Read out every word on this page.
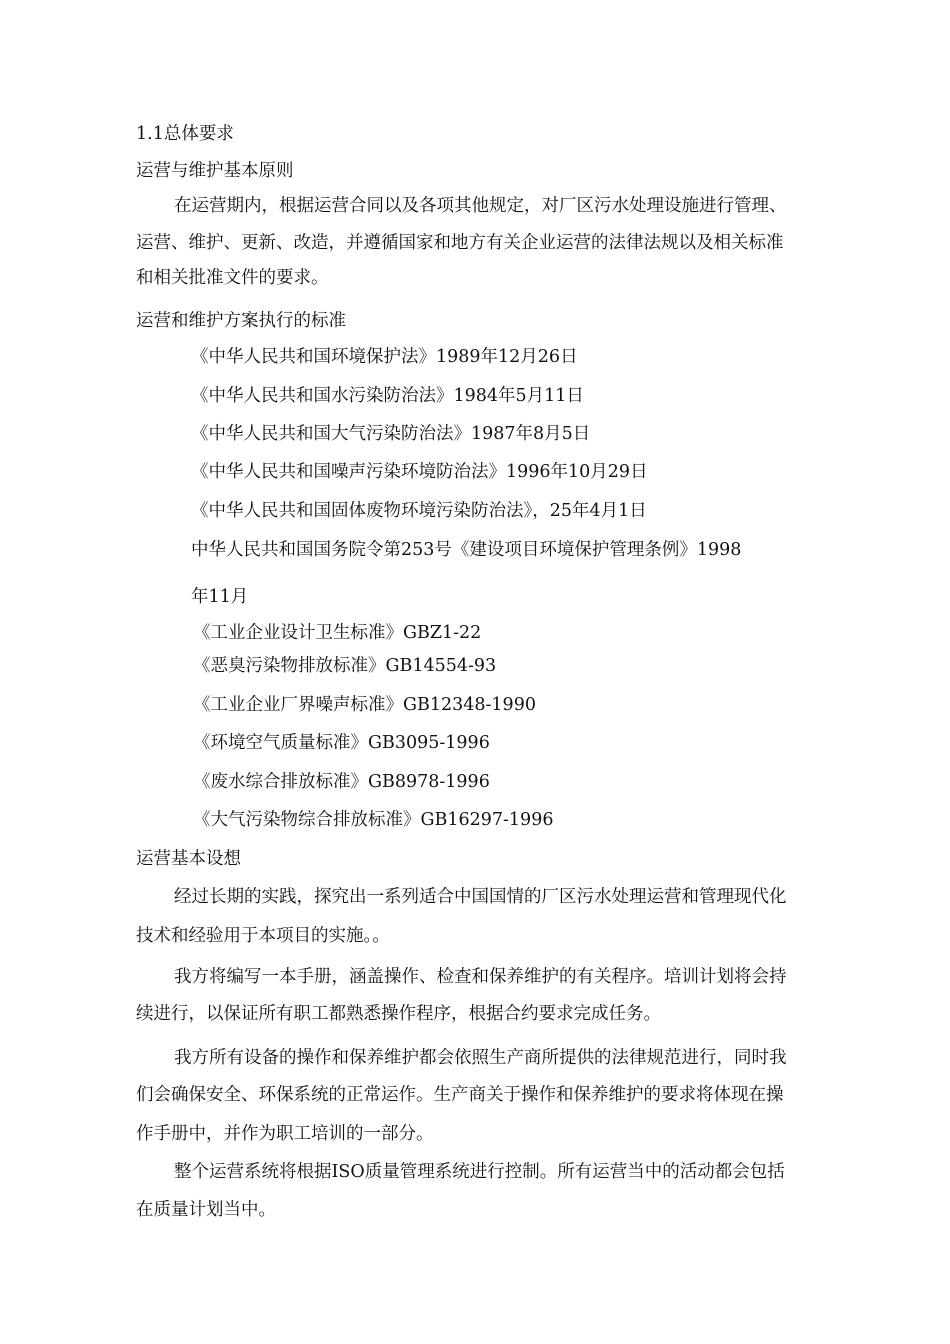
1.1总体要求
运营与维护基本原则
在运营期内，根据运营合同以及各项其他规定，对厂区污水处理设施进行管理、
运营、维护、更新、改造，并遵循国家和地方有关企业运营的法律法规以及相关标准
和相关批准文件的要求。
运营和维护方案执行的标准
《中华人民共和国环境保护法》1989年12月26日
《中华人民共和国水污染防治法》1984年5月11日
《中华人民共和国大气污染防治法》1987年8月5日
《中华人民共和国噪声污染环境防治法》1996年10月29日
《中华人民共和国固体废物环境污染防治法》，25年4月1日
中华人民共和国国务院令第253号《建设项目环境保护管理条例》1998
年11月
《工业企业设计卫生标准》GBZ1-22
《恶臭污染物排放标准》GB14554-93
《工业企业厂界噪声标准》GB12348-1990
《环境空气质量标准》GB3095-1996
《废水综合排放标准》GB8978-1996
《大气污染物综合排放标准》GB16297-1996
运营基本设想
经过长期的实践，探究出一系列适合中国国情的厂区污水处理运营和管理现代化
技术和经验用于本项目的实施。。
我方将编写一本手册，涵盖操作、检查和保养维护的有关程序。培训计划将会持
续进行，以保证所有职工都熟悉操作程序，根据合约要求完成任务。
我方所有设备的操作和保养维护都会依照生产商所提供的法律规范进行，同时我
们会确保安全、环保系统的正常运作。生产商关于操作和保养维护的要求将体现在操
作手册中，并作为职工培训的一部分。
整个运营系统将根据ISO质量管理系统进行控制。所有运营当中的活动都会包括
在质量计划当中。
